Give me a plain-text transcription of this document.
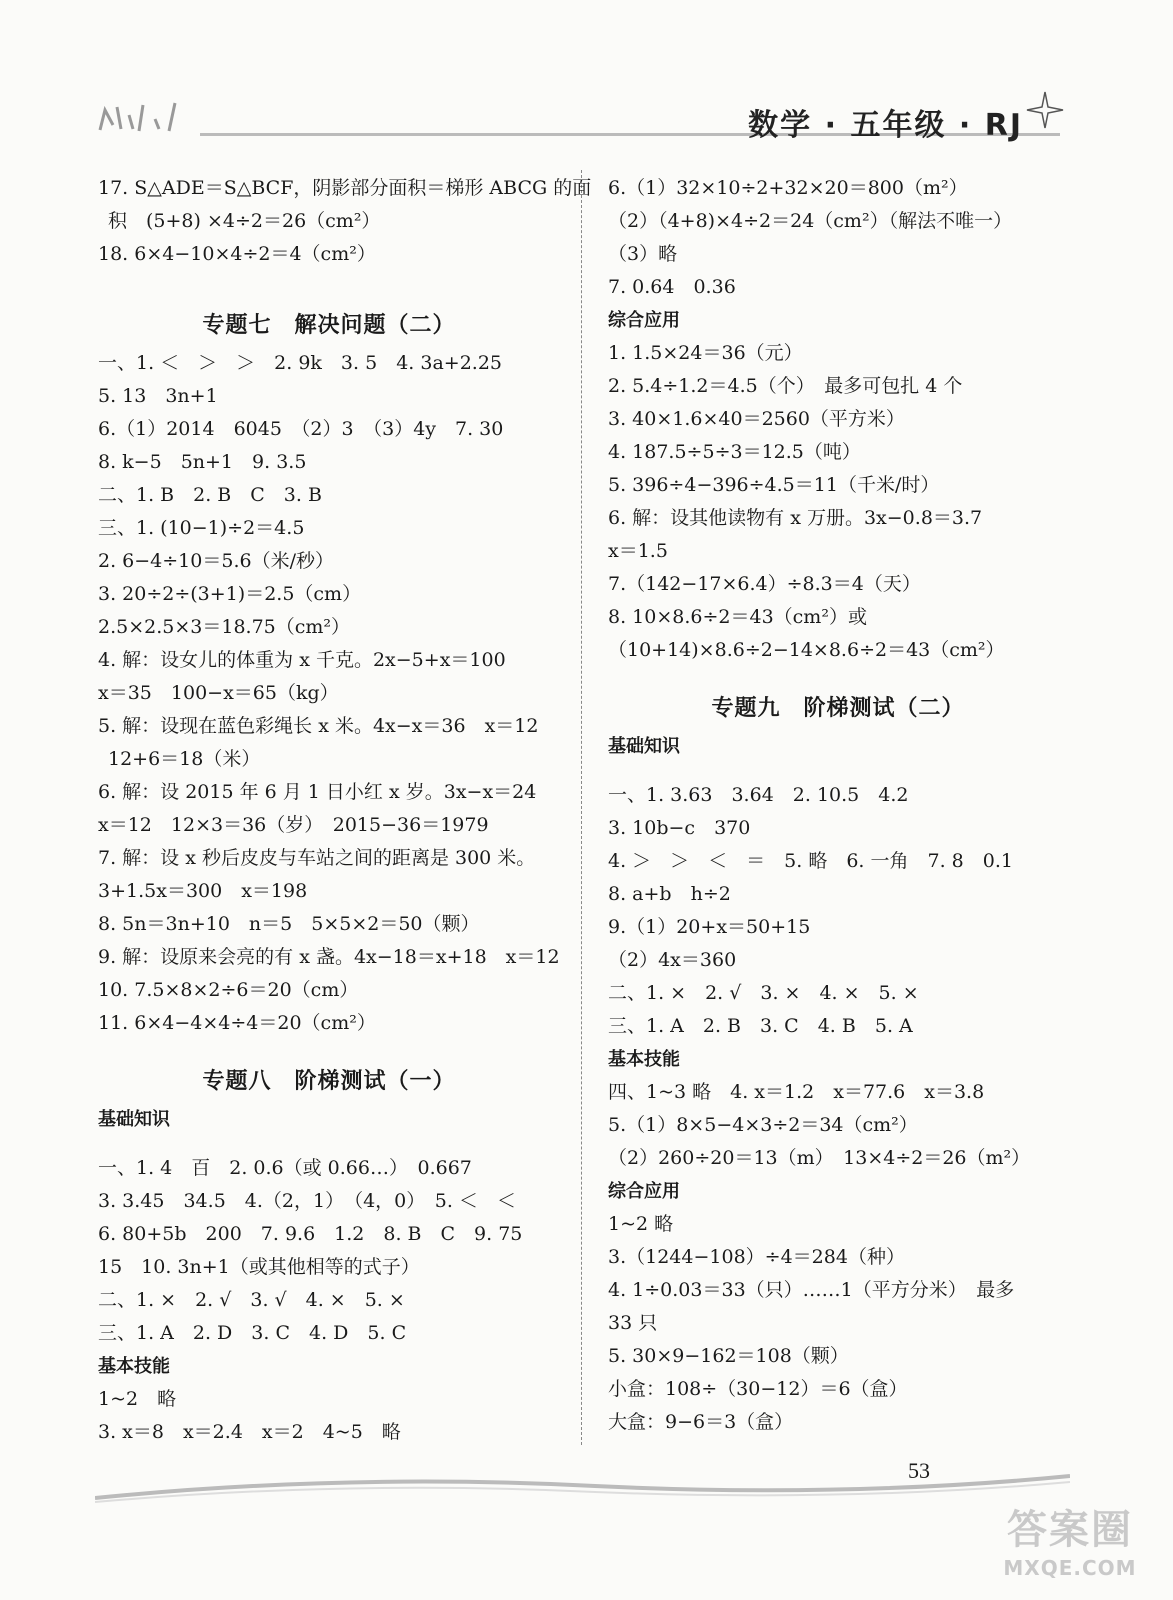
数学 · 五年级 · RJ
17. S△ADE＝S△BCF，阴影部分面积＝梯形 ABCG 的面
积　(5+8) ×4÷2＝26（cm²）
18. 6×4−10×4÷2＝4（cm²）
专题七　解决问题（二）
一、1. ＜　＞　＞　2. 9k　3. 5　4. 3a+2.25
5. 13　3n+1
6.（1）2014　6045　（2）3　（3）4y　7. 30
8. k−5　5n+1　9. 3.5
二、1. B　2. B　C　3. B
三、1. (10−1)÷2＝4.5
2. 6−4÷10＝5.6（米/秒）
3. 20÷2÷(3+1)＝2.5（cm）
2.5×2.5×3＝18.75（cm²）
4. 解：设女儿的体重为 x 千克。2x−5+x＝100
x＝35　100−x＝65（kg）
5. 解：设现在蓝色彩绳长 x 米。4x−x＝36　x＝12
12+6＝18（米）
6. 解：设 2015 年 6 月 1 日小红 x 岁。3x−x＝24
x＝12　12×3＝36（岁）　2015−36＝1979
7. 解：设 x 秒后皮皮与车站之间的距离是 300 米。
3+1.5x＝300　x＝198
8. 5n＝3n+10　n＝5　5×5×2＝50（颗）
9. 解：设原来会亮的有 x 盏。4x−18＝x+18　x＝12
10. 7.5×8×2÷6＝20（cm）
11. 6×4−4×4÷4＝20（cm²）
专题八　阶梯测试（一）
基础知识
一、1. 4　百　2. 0.6（或 0.66…）　0.667
3. 3.45　34.5　4.（2，1）　（4，0）　5. ＜　＜
6. 80+5b　200　7. 9.6　1.2　8. B　C　9. 75
15　10. 3n+1（或其他相等的式子）
二、1. ×　2. √　3. √　4. ×　5. ×
三、1. A　2. D　3. C　4. D　5. C
基本技能
1~2　略
3. x＝8　x＝2.4　x＝2　4~5　略
6.（1）32×10÷2+32×20＝800（m²）
（2）（4+8)×4÷2＝24（cm²）（解法不唯一）
（3）略
7. 0.64　0.36
综合应用
1. 1.5×24＝36（元）
2. 5.4÷1.2＝4.5（个）　最多可包扎 4 个
3. 40×1.6×40＝2560（平方米）
4. 187.5÷5÷3＝12.5（吨）
5. 396÷4−396÷4.5＝11（千米/时）
6. 解：设其他读物有 x 万册。3x−0.8＝3.7
x＝1.5
7.（142−17×6.4）÷8.3＝4（天）
8. 10×8.6÷2＝43（cm²）或
（10+14)×8.6÷2−14×8.6÷2＝43（cm²）
专题九　阶梯测试（二）
基础知识
一、1. 3.63　3.64　2. 10.5　4.2
3. 10b−c　370
4. ＞　＞　＜　＝　5. 略　6. 一角　7. 8　0.1
8. a+b　h÷2
9.（1）20+x＝50+15
（2）4x＝360
二、1. ×　2. √　3. ×　4. ×　5. ×
三、1. A　2. B　3. C　4. B　5. A
基本技能
四、1~3 略　4. x＝1.2　x＝77.6　x＝3.8
5.（1）8×5−4×3÷2＝34（cm²）
（2）260÷20＝13（m）　13×4÷2＝26（m²）
综合应用
1~2 略
3.（1244−108）÷4＝284（种）
4. 1÷0.03＝33（只）……1（平方分米）　最多
33 只
5. 30×9−162＝108（颗）
小盒：108÷（30−12）＝6（盒）
大盒：9−6＝3（盒）
53
答案圈
MXQE.COM
